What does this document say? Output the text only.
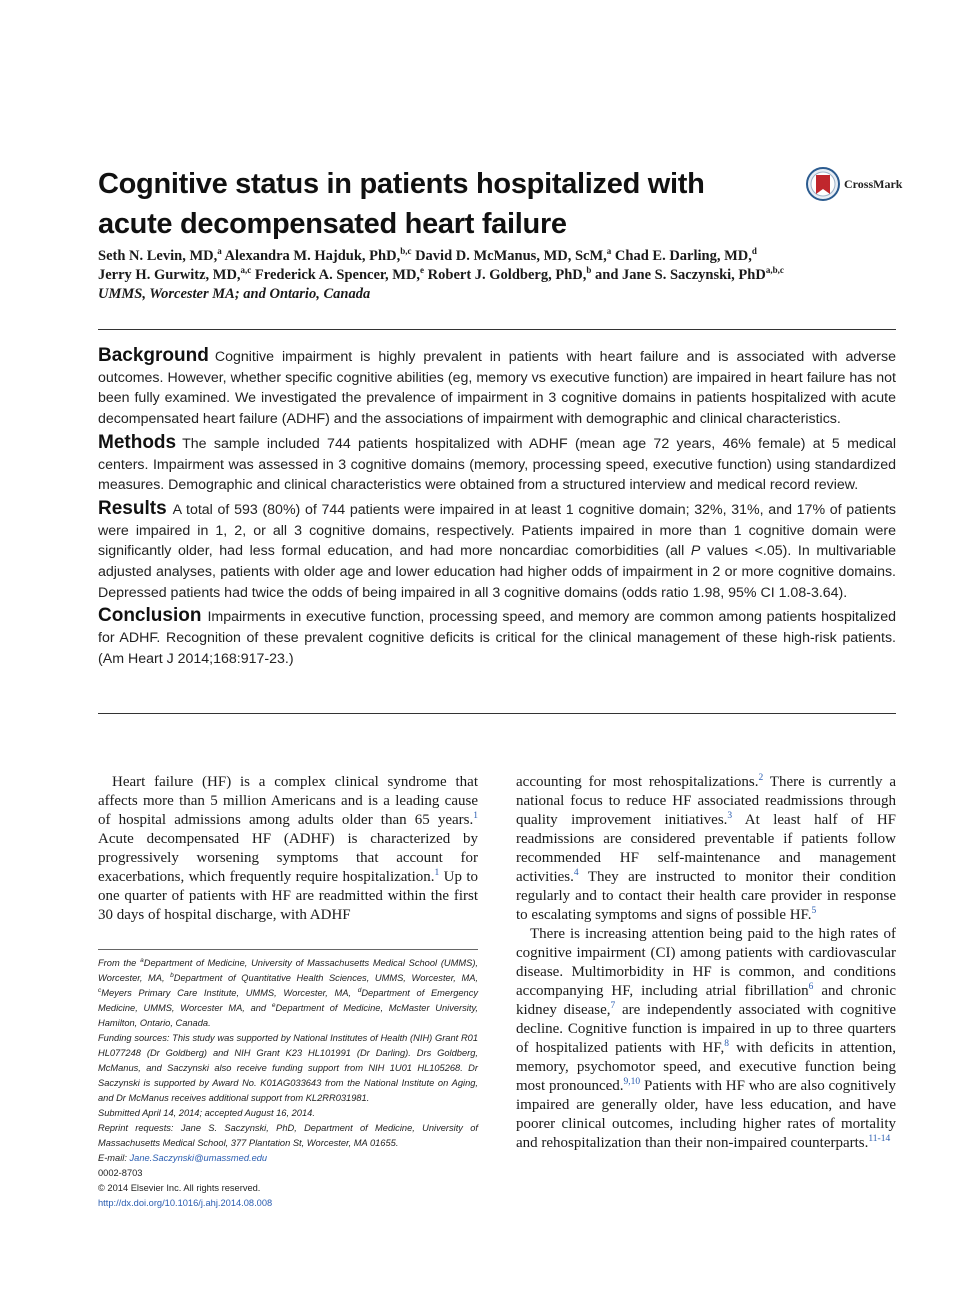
Cognitive status in patients hospitalized with
acute decompensated heart failure
CrossMark
Seth N. Levin, MD,$^a$ Alexandra M. Hajduk, PhD,$^{b,c}$ David D. McManus, MD, ScM,$^a$ Chad E. Darling, MD,$^d$
Jerry H. Gurwitz, MD,$^{a,c}$ Frederick A. Spencer, MD,$^e$ Robert J. Goldberg, PhD,$^b$ and Jane S. Saczynski, PhD$^{a,b,c}$
UMMS, Worcester MA; and Ontario, Canada

Background Cognitive impairment is highly prevalent in patients with heart failure and is associated with adverse outcomes. However, whether specific cognitive abilities (eg, memory vs executive function) are impaired in heart failure has not been fully examined. We investigated the prevalence of impairment in 3 cognitive domains in patients hospitalized with acute decompensated heart failure (ADHF) and the associations of impairment with demographic and clinical characteristics.

Methods The sample included 744 patients hospitalized with ADHF (mean age 72 years, 46% female) at 5 medical centers. Impairment was assessed in 3 cognitive domains (memory, processing speed, executive function) using standardized measures. Demographic and clinical characteristics were obtained from a structured interview and medical record review.

Results A total of 593 (80%) of 744 patients were impaired in at least 1 cognitive domain; 32%, 31%, and 17% of patients were impaired in 1, 2, or all 3 cognitive domains, respectively. Patients impaired in more than 1 cognitive domain were significantly older, had less formal education, and had more noncardiac comorbidities (all P values <.05). In multivariable adjusted analyses, patients with older age and lower education had higher odds of impairment in 2 or more cognitive domains. Depressed patients had twice the odds of being impaired in all 3 cognitive domains (odds ratio 1.98, 95% CI 1.08-3.64).

Conclusion Impairments in executive function, processing speed, and memory are common among patients hospitalized for ADHF. Recognition of these prevalent cognitive deficits is critical for the clinical management of these high-risk patients. (Am Heart J 2014;168:917-23.)

Heart failure (HF) is a complex clinical syndrome that affects more than 5 million Americans and is a leading cause of hospital admissions among adults older than 65 years.$^1$ Acute decompensated HF (ADHF) is characterized by progressively worsening symptoms that account for exacerbations, which frequently require hospitalization.$^1$ Up to one quarter of patients with HF are readmitted within the first 30 days of hospital discharge, with ADHF

From the $^a$Department of Medicine, University of Massachusetts Medical School (UMMS), Worcester, MA, $^b$Department of Quantitative Health Sciences, UMMS, Worcester, MA, $^c$Meyers Primary Care Institute, UMMS, Worcester, MA, $^d$Department of Emergency Medicine, UMMS, Worcester MA, and $^e$Department of Medicine, McMaster University, Hamilton, Ontario, Canada.

Funding sources: This study was supported by National Institutes of Health (NIH) Grant R01 HL077248 (Dr Goldberg) and NIH Grant K23 HL101991 (Dr Darling). Drs Goldberg, McManus, and Saczynski also receive funding support from NIH 1U01 HL105268. Dr Saczynski is supported by Award No. K01AG033643 from the National Institute on Aging, and Dr McManus receives additional support from KL2RR031981.

Submitted April 14, 2014; accepted August 16, 2014.

Reprint requests: Jane S. Saczynski, PhD, Department of Medicine, University of Massachusetts Medical School, 377 Plantation St, Worcester, MA 01655.

E-mail: Jane.Saczynski@umassmed.edu

0002-8703

© 2014 Elsevier Inc. All rights reserved.

http://dx.doi.org/10.1016/j.ahj.2014.08.008

accounting for most rehospitalizations.$^2$ There is currently a national focus to reduce HF associated readmissions through quality improvement initiatives.$^3$ At least half of HF readmissions are considered preventable if patients follow recommended HF self-maintenance and management activities.$^4$ They are instructed to monitor their condition regularly and to contact their health care provider in response to escalating symptoms and signs of possible HF.$^5$

There is increasing attention being paid to the high rates of cognitive impairment (CI) among patients with cardiovascular disease. Multimorbidity in HF is common, and conditions accompanying HF, including atrial fibrillation$^6$ and chronic kidney disease,$^7$ are independently associated with cognitive decline. Cognitive function is impaired in up to three quarters of hospitalized patients with HF,$^8$ with deficits in attention, memory, psychomotor speed, and executive function being most pronounced.$^{9,10}$ Patients with HF who are also cognitively impaired are generally older, have less education, and have poorer clinical outcomes, including higher rates of mortality and rehospitalization than their non-impaired counterparts.$^{11-14}$
